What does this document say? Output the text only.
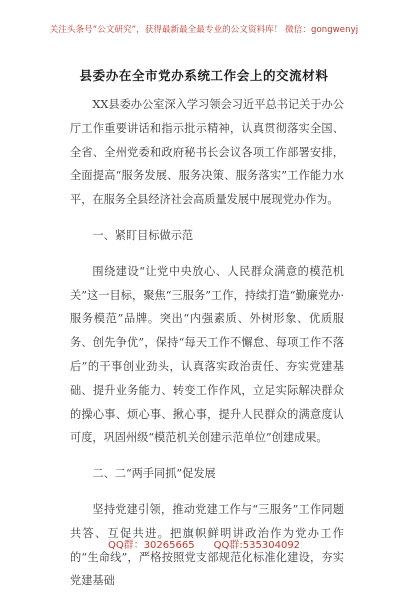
关注头条号“公文研究”，获得最新最全最专业的公文资料库！ 微信：gongwenyj
县委办在全市党办系统工作会上的交流材料

XX县委办公室深入学习领会习近平总书记关于办公厅工作重要讲话和指示批示精神，认真贯彻落实全国、全省、全州党委和政府秘书长会议各项工作部署安排，全面提高“服务发展、服务决策、服务落实”工作能力水平，在服务全县经济社会高质量发展中展现党办作为。

一、紧盯目标做示范

围绕建设“让党中央放心、人民群众满意的模范机关”这一目标，聚焦“三服务”工作，持续打造“勤廉党办·服务模范”品牌。突出“内强素质、外树形象、优质服务、创先争优”，保持“每天工作不懈怠、每项工作不落后”的干事创业劲头，认真落实政治责任、夯实党建基础、提升业务能力、转变工作作风，立足实际解决群众的操心事、烦心事、揪心事，提升人民群众的满意度认可度，巩固州级“模范机关创建示范单位”创建成果。

二、二“两手同抓”促发展

坚持党建引领，推动党建工作与“三服务”工作同题共答、互促共进。把旗帜鲜明讲政治作为党办工作的“生命线”，严格按照党支部规范化标准化建设，夯实党建基础

QQ群：30265665      QQ群:535304092
